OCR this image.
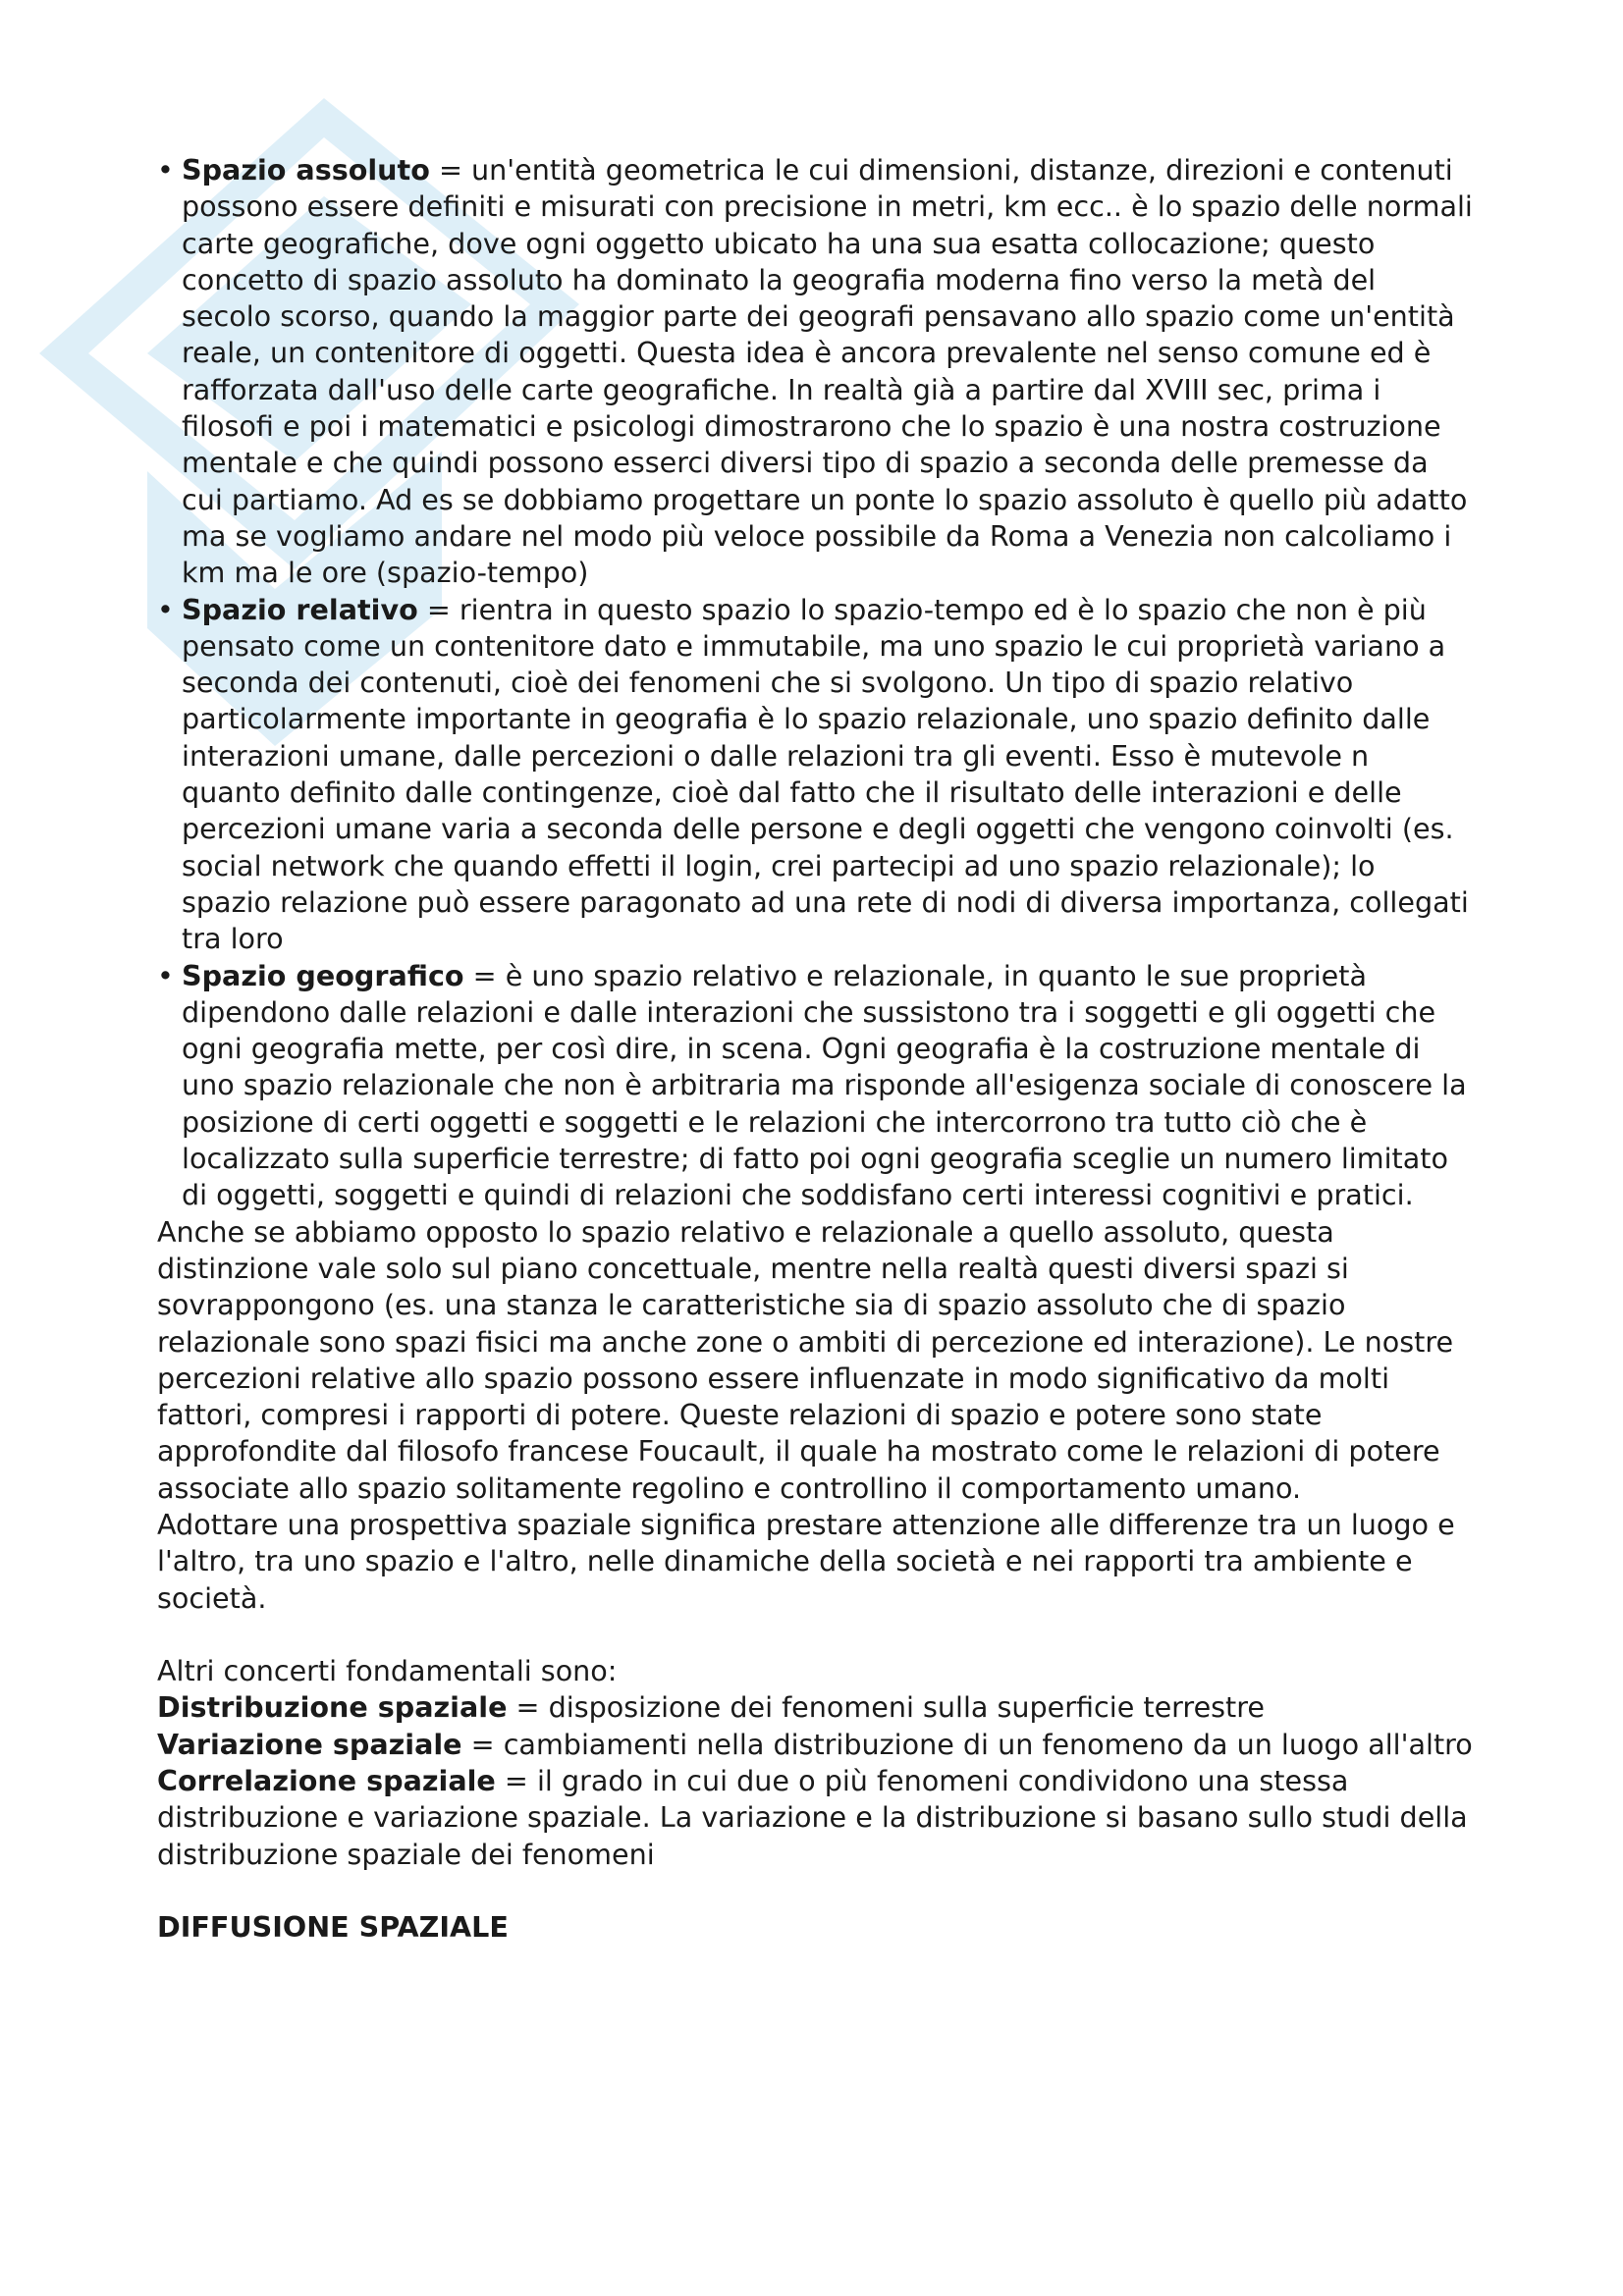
• Spazio assoluto = un'entità geometrica le cui dimensioni, distanze, direzioni e contenuti possono essere definiti e misurati con precisione in metri, km ecc.. è lo spazio delle normali carte geografiche, dove ogni oggetto ubicato ha una sua esatta collocazione; questo concetto di spazio assoluto ha dominato la geografia moderna fino verso la metà del secolo scorso, quando la maggior parte dei geografi pensavano allo spazio come un'entità reale, un contenitore di oggetti. Questa idea è ancora prevalente nel senso comune ed è rafforzata dall'uso delle carte geografiche. In realtà già a partire dal XVIII sec, prima i filosofi e poi i matematici e psicologi dimostrarono che lo spazio è una nostra costruzione mentale e che quindi possono esserci diversi tipo di spazio a seconda delle premesse da cui partiamo. Ad es se dobbiamo progettare un ponte lo spazio assoluto è quello più adatto ma se vogliamo andare nel modo più veloce possibile da Roma a Venezia non calcoliamo i km ma le ore (spazio-tempo)
• Spazio relativo = rientra in questo spazio lo spazio-tempo ed è lo spazio che non è più pensato come un contenitore dato e immutabile, ma uno spazio le cui proprietà variano a seconda dei contenuti, cioè dei fenomeni che si svolgono. Un tipo di spazio relativo particolarmente importante in geografia è lo spazio relazionale, uno spazio definito dalle interazioni umane, dalle percezioni o dalle relazioni tra gli eventi. Esso è mutevole n quanto definito dalle contingenze, cioè dal fatto che il risultato delle interazioni e delle percezioni umane varia a seconda delle persone e degli oggetti che vengono coinvolti (es. social network che quando effetti il login, crei partecipi ad uno spazio relazionale); lo spazio relazione può essere paragonato ad una rete di nodi di diversa importanza, collegati tra loro
• Spazio geografico = è uno spazio relativo e relazionale, in quanto le sue proprietà dipendono dalle relazioni e dalle interazioni che sussistono tra i soggetti e gli oggetti che ogni geografia mette, per così dire, in scena. Ogni geografia è la costruzione mentale di uno spazio relazionale che non è arbitraria ma risponde all'esigenza sociale di conoscere la posizione di certi oggetti e soggetti e le relazioni che intercorrono tra tutto ciò che è localizzato sulla superficie terrestre; di fatto poi ogni geografia sceglie un numero limitato di oggetti, soggetti e quindi di relazioni che soddisfano certi interessi cognitivi e pratici.

Anche se abbiamo opposto lo spazio relativo e relazionale a quello assoluto, questa distinzione vale solo sul piano concettuale, mentre nella realtà questi diversi spazi si sovrappongono (es. una stanza le caratteristiche sia di spazio assoluto che di spazio relazionale sono spazi fisici ma anche zone o ambiti di percezione ed interazione). Le nostre percezioni relative allo spazio possono essere influenzate in modo significativo da molti fattori, compresi i rapporti di potere. Queste relazioni di spazio e potere sono state approfondite dal filosofo francese Foucault, il quale ha mostrato come le relazioni di potere associate allo spazio solitamente regolino e controllino il comportamento umano.

Adottare una prospettiva spaziale significa prestare attenzione alle differenze tra un luogo e l'altro, tra uno spazio e l'altro, nelle dinamiche della società e nei rapporti tra ambiente e società.

Altri concerti fondamentali sono:

Distribuzione spaziale = disposizione dei fenomeni sulla superficie terrestre

Variazione spaziale = cambiamenti nella distribuzione di un fenomeno da un luogo all'altro

Correlazione spaziale = il grado in cui due o più fenomeni condividono una stessa distribuzione e variazione spaziale. La variazione e la distribuzione si basano sullo studi della distribuzione spaziale dei fenomeni

DIFFUSIONE SPAZIALE
